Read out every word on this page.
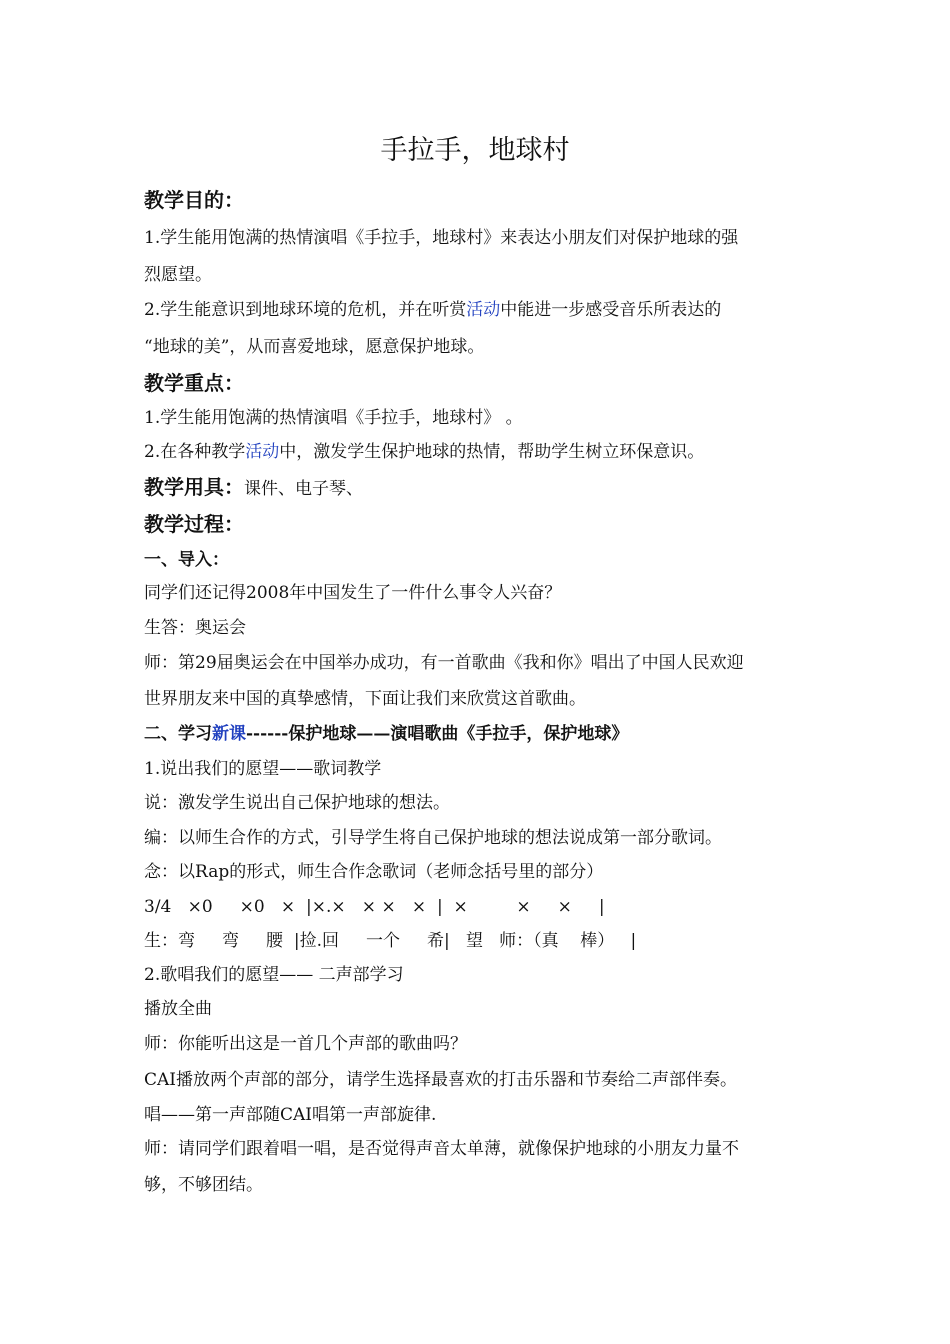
手拉手，地球村
教学目的：
1.学生能用饱满的热情演唱《手拉手，地球村》来表达小朋友们对保护地球的强
烈愿望。
2.学生能意识到地球环境的危机，并在听赏活动中能进一步感受音乐所表达的
“地球的美”，从而喜爱地球，愿意保护地球。
教学重点：
1.学生能用饱满的热情演唱《手拉手，地球村》 。
2.在各种教学活动中，激发学生保护地球的热情，帮助学生树立环保意识。
教学用具：课件、电子琴、
教学过程：
一、导入：
同学们还记得2008年中国发生了一件什么事令人兴奋？
生答：奥运会
师：第29届奥运会在中国举办成功，有一首歌曲《我和你》唱出了中国人民欢迎
世界朋友来中国的真挚感情，下面让我们来欣赏这首歌曲。
二、学习新课------保护地球——演唱歌曲《手拉手，保护地球》
1.说出我们的愿望——歌词教学
说：激发学生说出自己保护地球的想法。
编：以师生合作的方式，引导学生将自己保护地球的想法说成第一部分歌词。
念：以Rap的形式，师生合作念歌词（老师念括号里的部分）
3/4   ×0     ×0   ×  |×.×   × ×   ×  |  ×         ×     ×     |
生：弯     弯     腰  |捡.回     一个     希|   望   师：（真    棒）   |
2.歌唱我们的愿望—— 二声部学习
播放全曲
师：你能听出这是一首几个声部的歌曲吗？
CAI播放两个声部的部分，请学生选择最喜欢的打击乐器和节奏给二声部伴奏。
唱——第一声部随CAI唱第一声部旋律.
师：请同学们跟着唱一唱，是否觉得声音太单薄，就像保护地球的小朋友力量不
够，不够团结。
